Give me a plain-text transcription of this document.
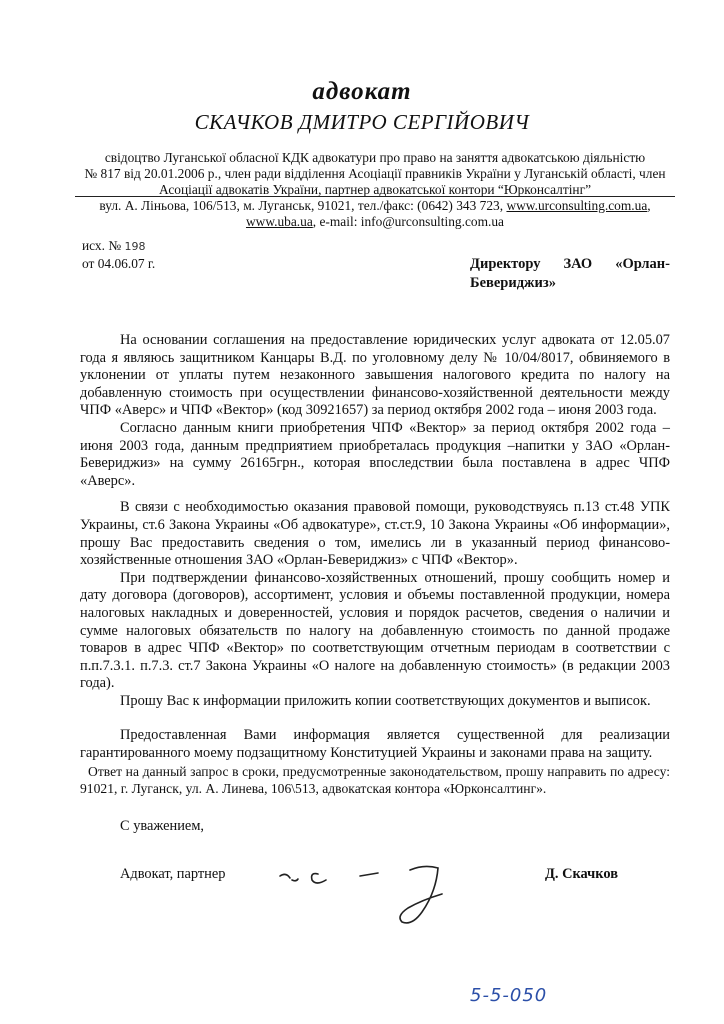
адвокат
СКАЧКОВ ДМИТРО СЕРГІЙОВИЧ
свідоцтво Луганської обласної КДК адвокатури про право на заняття адвокатською діяльністю
№ 817 від 20.01.2006 р., член ради відділення Асоціації правників України у Луганській області, член
Асоціації адвокатів України, партнер адвокатської контори “Юрконсалтінг”
вул. А. Ліньова, 106/513, м. Луганськ, 91021, тел./факс: (0642) 343 723, www.urconsulting.com.ua,
www.uba.ua, e-mail: info@urconsulting.com.ua
исх. № 198
от 04.06.07 г.	Директору ЗАО «Орлан-
Бевериджиз»

На основании соглашения на предоставление юридических услуг адвоката от 12.05.07 года я являюсь защитником Канцары В.Д. по уголовному делу № 10/04/8017, обвиняемого в уклонении от уплаты путем незаконного завышения налогового кредита по налогу на добавленную стоимость при осуществлении финансово-хозяйственной деятельности между ЧПФ «Аверс» и ЧПФ «Вектор» (код 30921657) за период октября 2002 года – июня 2003 года.

Согласно данным книги приобретения ЧПФ «Вектор» за период октября 2002 года – июня 2003 года, данным предприятием приобреталась продукция –напитки у ЗАО «Орлан-Бевериджиз» на сумму 26165грн., которая впоследствии была поставлена в адрес ЧПФ «Аверс».

В связи с необходимостью оказания правовой помощи, руководствуясь п.13 ст.48 УПК Украины, ст.6 Закона Украины «Об адвокатуре», ст.ст.9, 10 Закона Украины «Об информации», прошу Вас предоставить сведения о том, имелись ли в указанный период финансово-хозяйственные отношения ЗАО «Орлан-Бевериджиз» с ЧПФ «Вектор».

При подтверждении финансово-хозяйственных отношений, прошу сообщить номер и дату договора (договоров), ассортимент, условия и объемы поставленной продукции, номера налоговых накладных и доверенностей, условия и порядок расчетов, сведения о наличии и сумме налоговых обязательств по налогу на добавленную стоимость по данной продаже товаров в адрес ЧПФ «Вектор» по соответствующим отчетным периодам в соответствии с п.п.7.3.1. п.7.3. ст.7 Закона Украины «О налоге на добавленную стоимость» (в редакции 2003 года).

Прошу Вас к информации приложить копии соответствующих документов и выписок.

Предоставленная Вами информация является существенной для реализации гарантированного моему подзащитному Конституцией Украины и законами права на защиту.

Ответ на данный запрос в сроки, предусмотренные законодательством, прошу направить по адресу: 91021, г. Луганск, ул. А. Линева, 106\513, адвокатская контора «Юрконсалтинг».

С уважением,
Адвокат, партнер	Д. Скачков
5-5-050
